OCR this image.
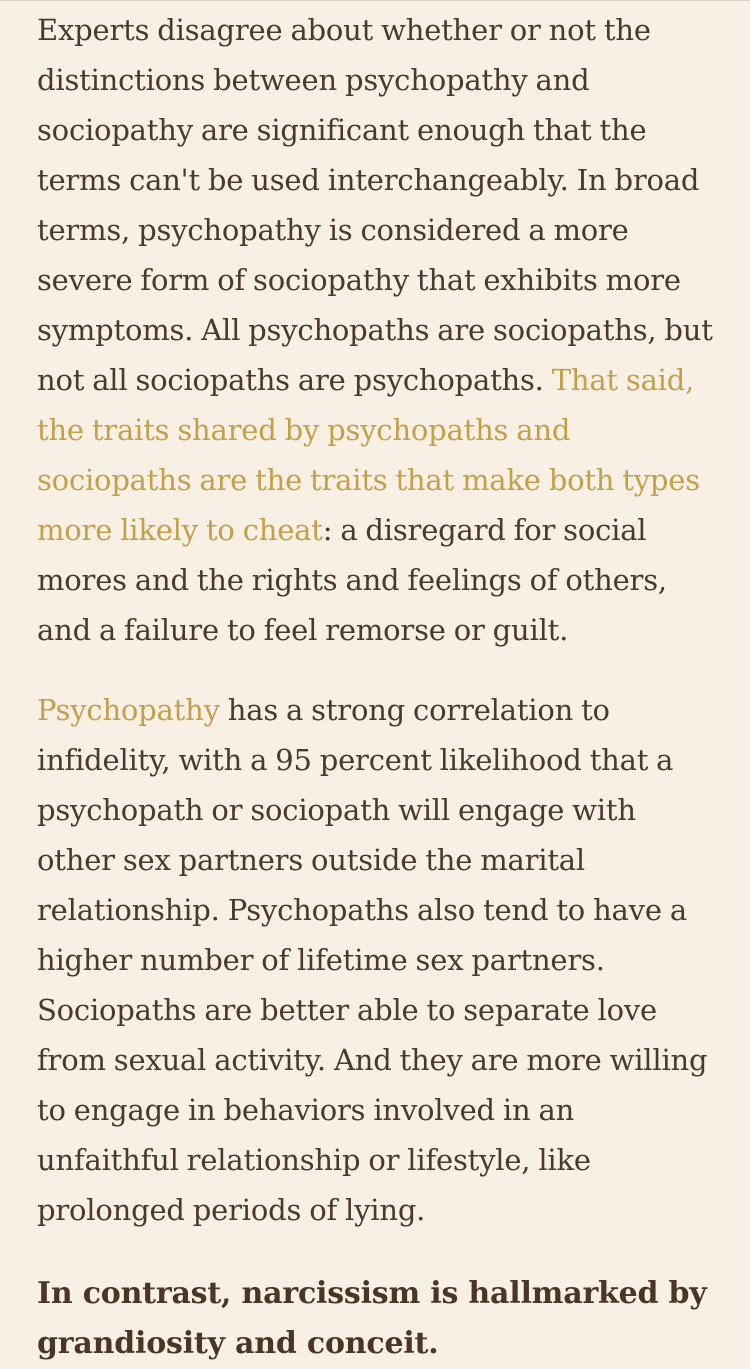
Experts disagree about whether or not the distinctions between psychopathy and sociopathy are significant enough that the terms can't be used interchangeably. In broad terms, psychopathy is considered a more severe form of sociopathy that exhibits more symptoms. All psychopaths are sociopaths, but not all sociopaths are psychopaths. That said, the traits shared by psychopaths and sociopaths are the traits that make both types more likely to cheat: a disregard for social mores and the rights and feelings of others, and a failure to feel remorse or guilt.

Psychopathy has a strong correlation to infidelity, with a 95 percent likelihood that a psychopath or sociopath will engage with other sex partners outside the marital relationship. Psychopaths also tend to have a higher number of lifetime sex partners. Sociopaths are better able to separate love from sexual activity. And they are more willing to engage in behaviors involved in an unfaithful relationship or lifestyle, like prolonged periods of lying.

In contrast, narcissism is hallmarked by grandiosity and conceit.
